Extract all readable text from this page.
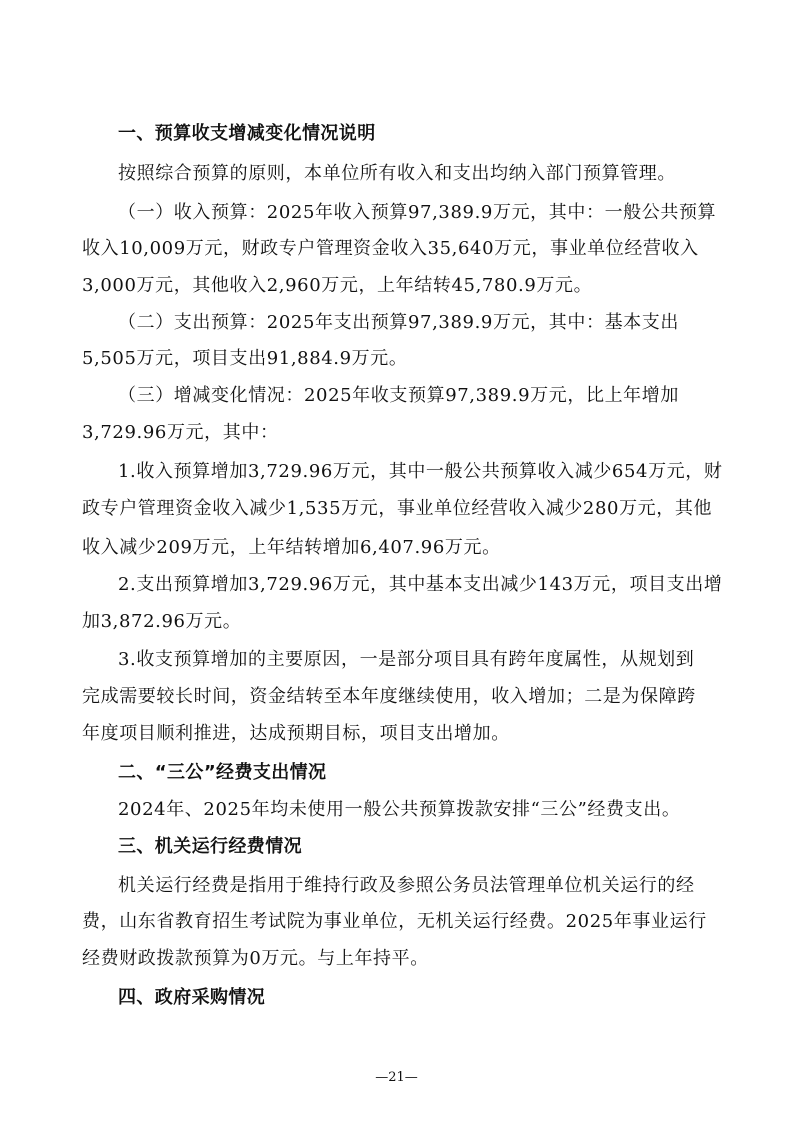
一、预算收支增减变化情况说明
按照综合预算的原则，本单位所有收入和支出均纳入部门预算管理。
（一）收入预算：2025年收入预算97,389.9万元，其中：一般公共预算
收入10,009万元，财政专户管理资金收入35,640万元，事业单位经营收入
3,000万元，其他收入2,960万元，上年结转45,780.9万元。
（二）支出预算：2025年支出预算97,389.9万元，其中：基本支出
5,505万元，项目支出91,884.9万元。
（三）增减变化情况：2025年收支预算97,389.9万元，比上年增加
3,729.96万元，其中：
1.收入预算增加3,729.96万元，其中一般公共预算收入减少654万元，财
政专户管理资金收入减少1,535万元，事业单位经营收入减少280万元，其他
收入减少209万元，上年结转增加6,407.96万元。
2.支出预算增加3,729.96万元，其中基本支出减少143万元，项目支出增
加3,872.96万元。
3.收支预算增加的主要原因，一是部分项目具有跨年度属性，从规划到
完成需要较长时间，资金结转至本年度继续使用，收入增加；二是为保障跨
年度项目顺利推进，达成预期目标，项目支出增加。
二、“三公”经费支出情况
2024年、2025年均未使用一般公共预算拨款安排“三公”经费支出。
三、机关运行经费情况
机关运行经费是指用于维持行政及参照公务员法管理单位机关运行的经
费，山东省教育招生考试院为事业单位，无机关运行经费。2025年事业运行
经费财政拨款预算为0万元。与上年持平。
四、政府采购情况
—21—
